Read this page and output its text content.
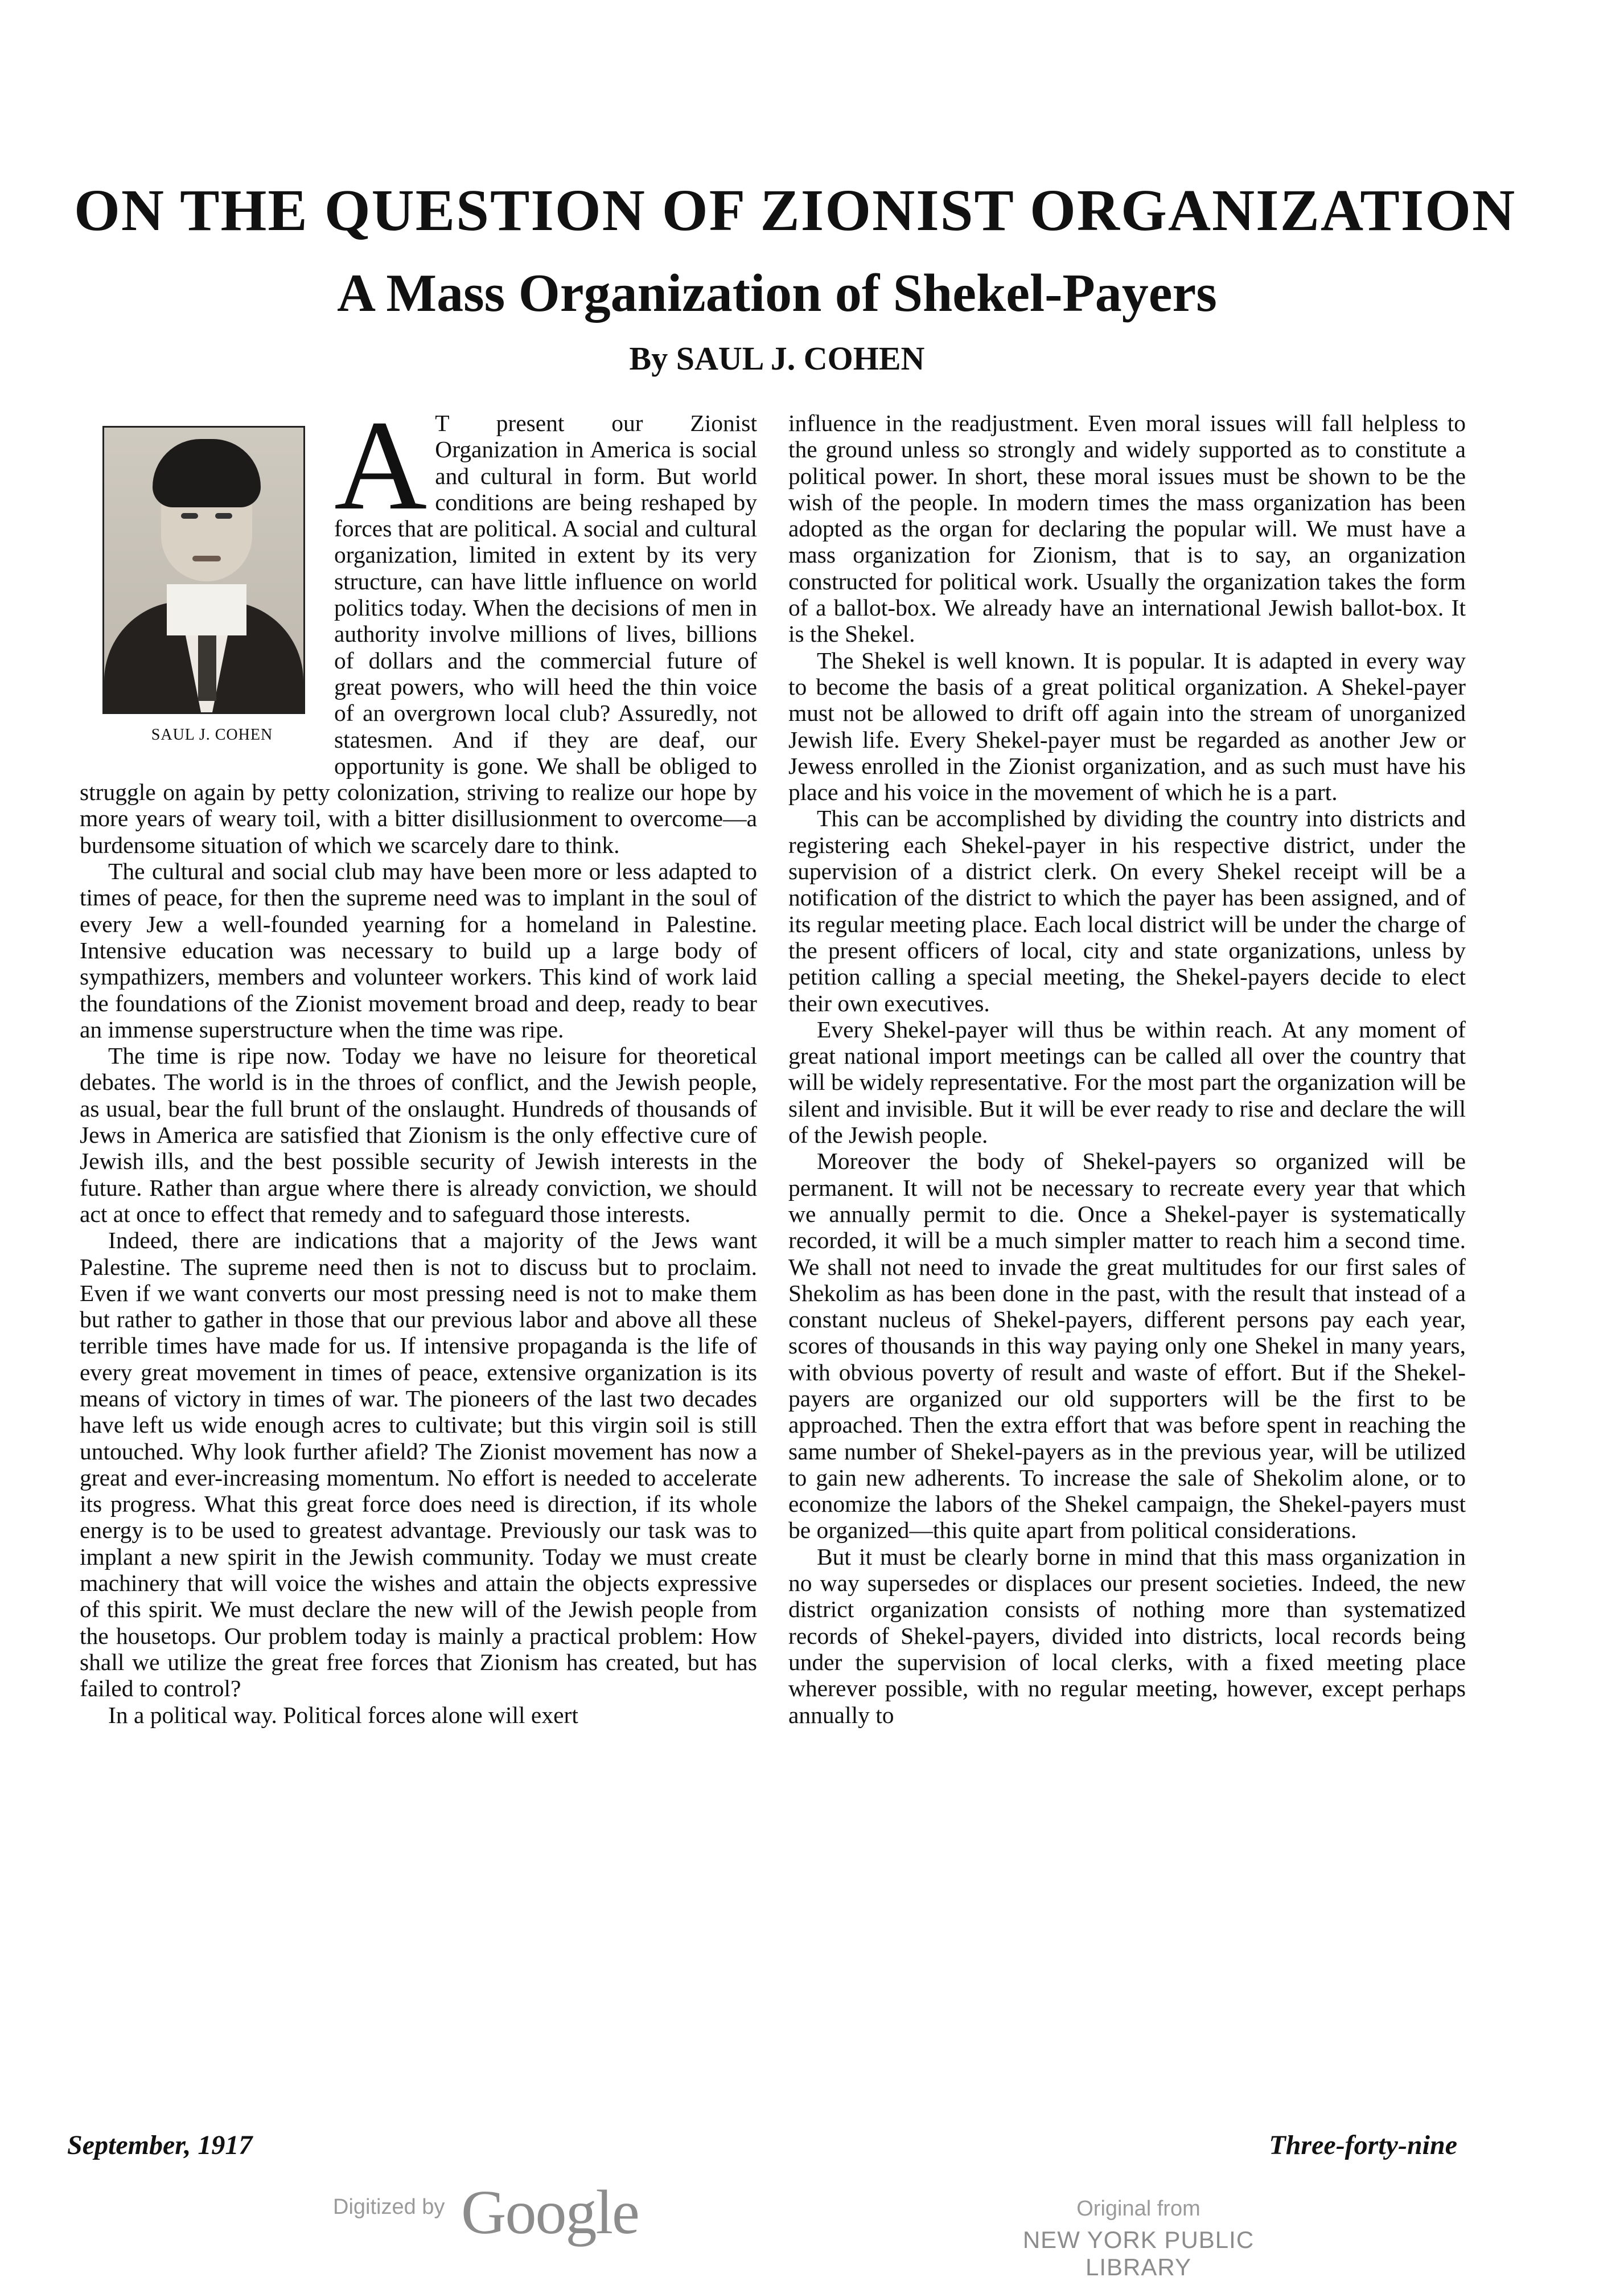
ON THE QUESTION OF ZIONIST ORGANIZATION
A Mass Organization of Shekel-Payers
By SAUL J. COHEN
SAUL J. COHEN

A T present our Zionist Organization in America is social and cultural in form. But world conditions are being reshaped by forces that are political. A social and cultural organization, limited in extent by its very structure, can have little influence on world politics today. When the decisions of men in authority involve millions of lives, billions of dollars and the commercial future of great powers, who will heed the thin voice of an overgrown local club? Assuredly, not statesmen. And if they are deaf, our opportunity is gone. We shall be obliged to struggle on again by petty colonization, striving to realize our hope by more years of weary toil, with a bitter disillusionment to overcome—a burdensome situation of which we scarcely dare to think.

The cultural and social club may have been more or less adapted to times of peace, for then the supreme need was to implant in the soul of every Jew a well-founded yearning for a homeland in Palestine. Intensive education was necessary to build up a large body of sympathizers, members and volunteer workers. This kind of work laid the foundations of the Zionist movement broad and deep, ready to bear an immense superstructure when the time was ripe.

The time is ripe now. Today we have no leisure for theoretical debates. The world is in the throes of conflict, and the Jewish people, as usual, bear the full brunt of the onslaught. Hundreds of thousands of Jews in America are satisfied that Zionism is the only effective cure of Jewish ills, and the best possible security of Jewish interests in the future. Rather than argue where there is already conviction, we should act at once to effect that remedy and to safeguard those interests.

Indeed, there are indications that a majority of the Jews want Palestine. The supreme need then is not to discuss but to proclaim. Even if we want converts our most pressing need is not to make them but rather to gather in those that our previous labor and above all these terrible times have made for us. If intensive propaganda is the life of every great movement in times of peace, extensive organization is its means of victory in times of war. The pioneers of the last two decades have left us wide enough acres to cultivate; but this virgin soil is still untouched. Why look further afield? The Zionist movement has now a great and ever-increasing momentum. No effort is needed to accelerate its progress. What this great force does need is direction, if its whole energy is to be used to greatest advantage. Previously our task was to implant a new spirit in the Jewish community. Today we must create machinery that will voice the wishes and attain the objects expressive of this spirit. We must declare the new will of the Jewish people from the housetops. Our problem today is mainly a practical problem: How shall we utilize the great free forces that Zionism has created, but has failed to control?

In a political way. Political forces alone will exert

influence in the readjustment. Even moral issues will fall helpless to the ground unless so strongly and widely supported as to constitute a political power. In short, these moral issues must be shown to be the wish of the people. In modern times the mass organization has been adopted as the organ for declaring the popular will. We must have a mass organization for Zionism, that is to say, an organization constructed for political work. Usually the organization takes the form of a ballot-box. We already have an international Jewish ballot-box. It is the Shekel.

The Shekel is well known. It is popular. It is adapted in every way to become the basis of a great political organization. A Shekel-payer must not be allowed to drift off again into the stream of unorganized Jewish life. Every Shekel-payer must be regarded as another Jew or Jewess enrolled in the Zionist organization, and as such must have his place and his voice in the movement of which he is a part.

This can be accomplished by dividing the country into districts and registering each Shekel-payer in his respective district, under the supervision of a district clerk. On every Shekel receipt will be a notification of the district to which the payer has been assigned, and of its regular meeting place. Each local district will be under the charge of the present officers of local, city and state organizations, unless by petition calling a special meeting, the Shekel-payers decide to elect their own executives.

Every Shekel-payer will thus be within reach. At any moment of great national import meetings can be called all over the country that will be widely representative. For the most part the organization will be silent and invisible. But it will be ever ready to rise and declare the will of the Jewish people.

Moreover the body of Shekel-payers so organized will be permanent. It will not be necessary to recreate every year that which we annually permit to die. Once a Shekel-payer is systematically recorded, it will be a much simpler matter to reach him a second time. We shall not need to invade the great multitudes for our first sales of Shekolim as has been done in the past, with the result that instead of a constant nucleus of Shekel-payers, different persons pay each year, scores of thousands in this way paying only one Shekel in many years, with obvious poverty of result and waste of effort. But if the Shekel-payers are organized our old supporters will be the first to be approached. Then the extra effort that was before spent in reaching the same number of Shekel-payers as in the previous year, will be utilized to gain new adherents. To increase the sale of Shekolim alone, or to economize the labors of the Shekel campaign, the Shekel-payers must be organized—this quite apart from political considerations.

But it must be clearly borne in mind that this mass organization in no way supersedes or displaces our present societies. Indeed, the new district organization consists of nothing more than systematized records of Shekel-payers, divided into districts, local records being under the supervision of local clerks, with a fixed meeting place wherever possible, with no regular meeting, however, except perhaps annually to

September, 1917	Three-forty-nine
Digitized by Google	Original from
NEW YORK PUBLIC LIBRARY
